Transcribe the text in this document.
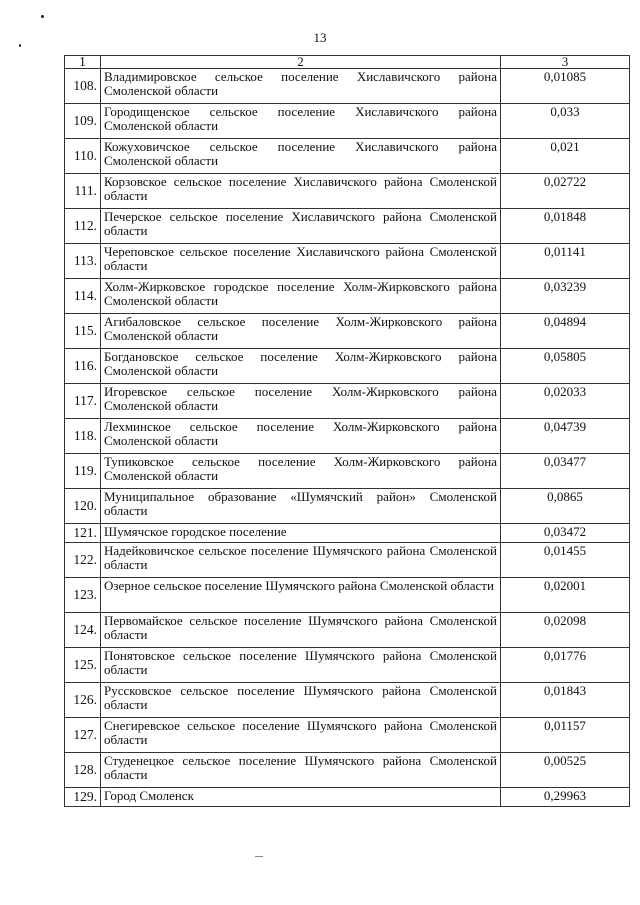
13
1	2	3
108.	Владимировское сельское поселение Хиславичского района Смоленской области	0,01085
109.	Городищенское сельское поселение Хиславичского района Смоленской области	0,033
110.	Кожуховичское сельское поселение Хиславичского района Смоленской области	0,021
111.	Корзовское сельское поселение Хиславичского района Смоленской области	0,02722
112.	Печерское сельское поселение Хиславичского района Смоленской области	0,01848
113.	Череповское сельское поселение Хиславичского района Смоленской области	0,01141
114.	Холм-Жирковское городское поселение Холм-Жирковского района Смоленской области	0,03239
115.	Агибаловское сельское поселение Холм-Жирковского района Смоленской области	0,04894
116.	Богдановское сельское поселение Холм-Жирковского района Смоленской области	0,05805
117.	Игоревское сельское поселение Холм-Жирковского района Смоленской области	0,02033
118.	Лехминское сельское поселение Холм-Жирковского района Смоленской области	0,04739
119.	Тупиковское сельское поселение Холм-Жирковского района Смоленской области	0,03477
120.	Муниципальное образование «Шумячский район» Смоленской области	0,0865
121.	Шумячское городское поселение	0,03472
122.	Надейковичское сельское поселение Шумячского района Смоленской области	0,01455
123.	Озерное сельское поселение Шумячского района Смоленской области	0,02001
124.	Первомайское сельское поселение Шумячского района Смоленской области	0,02098
125.	Понятовское сельское поселение Шумячского района Смоленской области	0,01776
126.	Руссковское сельское поселение Шумячского района Смоленской области	0,01843
127.	Снегиревское сельское поселение Шумячского района Смоленской области	0,01157
128.	Студенецкое сельское поселение Шумячского района Смоленской области	0,00525
129.	Город Смоленск	0,29963
